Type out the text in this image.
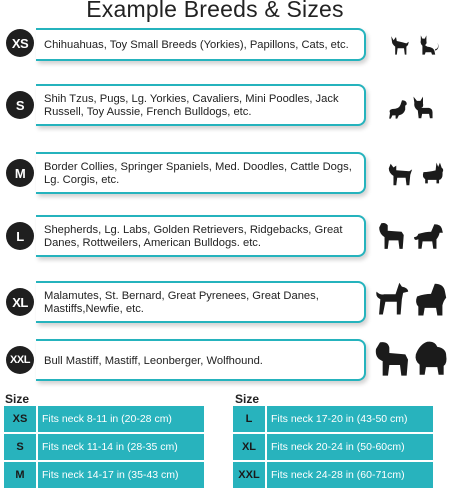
Example Breeds & Sizes
XS	Chihuahuas, Toy Small Breeds (Yorkies), Papillons, Cats, etc.
S	Shih Tzus, Pugs, Lg. Yorkies, Cavaliers, Mini Poodles, Jack Russell, Toy Aussie, French Bulldogs, etc.
M	Border Collies, Springer Spaniels, Med. Doodles, Cattle Dogs, Lg. Corgis, etc.
L	Shepherds, Lg. Labs, Golden Retrievers, Ridgebacks, Great Danes, Rottweilers, American Bulldogs. etc.
XL	Malamutes, St. Bernard, Great Pyrenees, Great Danes, Mastiffs,Newfie, etc.
XXL	Bull Mastiff, Mastiff, Leonberger, Wolfhound.
Size
XS	Fits neck 8-11 in (20-28 cm)
S	Fits neck 11-14 in (28-35 cm)
M	Fits neck 14-17 in (35-43 cm)
Size
L	Fits neck 17-20 in (43-50 cm)
XL	Fits neck 20-24 in (50-60cm)
XXL	Fits neck 24-28 in (60-71cm)
